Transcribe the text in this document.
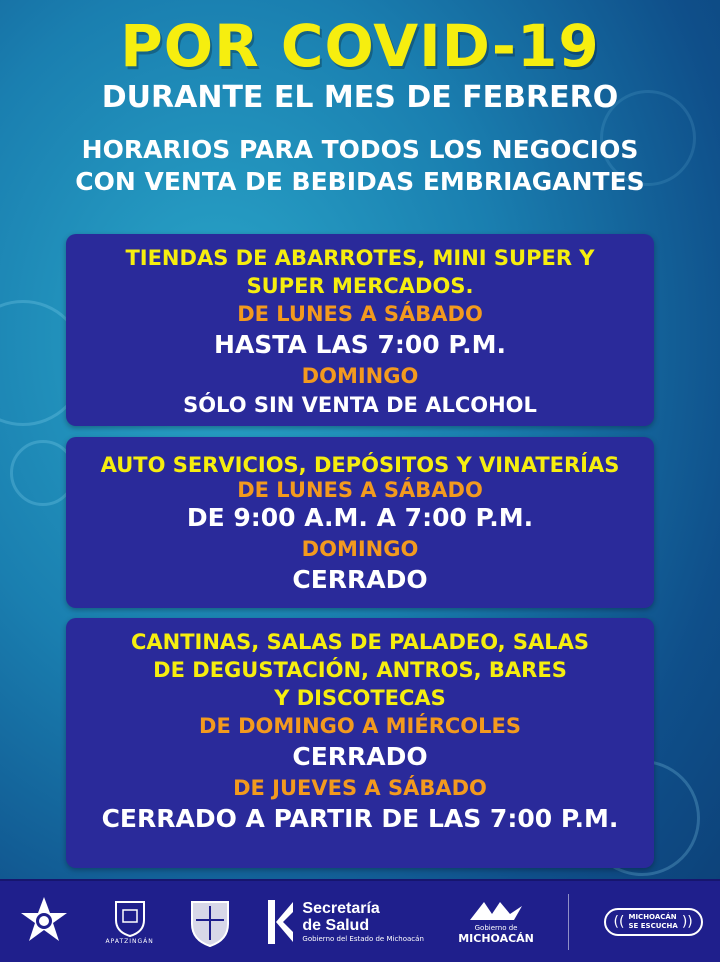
POR COVID-19
DURANTE EL MES DE FEBRERO
HORARIOS PARA TODOS LOS NEGOCIOS
CON VENTA DE BEBIDAS EMBRIAGANTES
TIENDAS DE ABARROTES, MINI SUPER Y
SUPER MERCADOS.
DE LUNES A SÁBADO
HASTA LAS 7:00 P.M.
DOMINGO
SÓLO SIN VENTA DE ALCOHOL
AUTO SERVICIOS, DEPÓSITOS Y VINATERÍAS
DE LUNES A SÁBADO
DE 9:00 A.M. A 7:00 P.M.
DOMINGO
CERRADO
CANTINAS, SALAS DE PALADEO, SALAS
DE DEGUSTACIÓN, ANTROS, BARES
Y DISCOTECAS
DE DOMINGO A MIÉRCOLES
CERRADO
DE JUEVES A SÁBADO
CERRADO A PARTIR DE LAS 7:00 P.M.
APATZINGÁN
Secretaría
de Salud
Gobierno del Estado de Michoacán
Gobierno de
MICHOACÁN
(( MICHOACÁN
SE ESCUCHA ))
